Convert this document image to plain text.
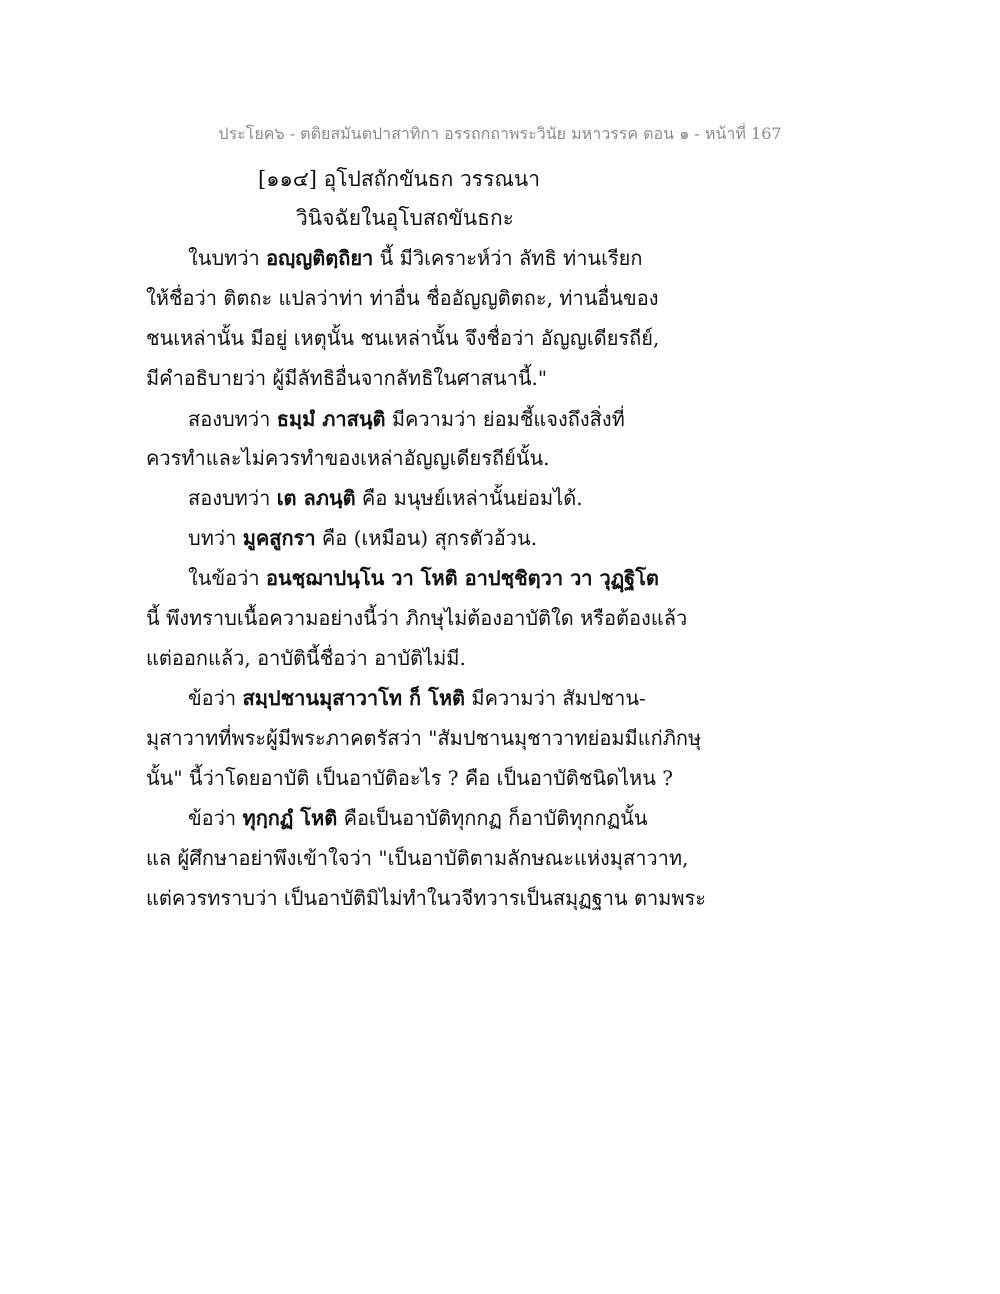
ประโยค๖ - ตติยสมันตปาสาทิกา อรรถกถาพระวินัย มหาวรรค ตอน ๑ - หน้าที่ 167
[๑๑๔] อุโปสถักขันธก วรรณนา
วินิจฉัยในอุโบสถขันธกะ
ในบทว่า อญฺญติตฺถิยา นี้ มีวิเคราะห์ว่า ลัทธิ ท่านเรียก
ให้ชื่อว่า ติตถะ แปลว่าท่า ท่าอื่น ชื่ออัญญติตถะ, ท่านอื่นของ
ชนเหล่านั้น มีอยู่ เหตุนั้น ชนเหล่านั้น จึงชื่อว่า อัญญเดียรถีย์,
มีคำอธิบายว่า ผู้มีลัทธิอื่นจากลัทธิในศาสนานี้."
สองบทว่า ธมฺมํ ภาสนฺติ มีความว่า ย่อมชี้แจงถึงสิ่งที่
ควรทำและไม่ควรทำของเหล่าอัญญเดียรถีย์นั้น.
สองบทว่า เต ลภนฺติ คือ มนุษย์เหล่านั้นย่อมได้.
บทว่า มูคสูกรา คือ (เหมือน) สุกรตัวอ้วน.
ในข้อว่า อนชฺฌาปนฺโน วา โหติ อาปชฺชิตฺวา วา วุฏฺฐิโต
นี้ พึงทราบเนื้อความอย่างนี้ว่า ภิกษุไม่ต้องอาบัติใด หรือต้องแล้ว
แต่ออกแล้ว, อาบัตินี้ชื่อว่า อาบัติไม่มี.
ข้อว่า สมฺปชานมุสาวาโท ก็ โหติ มีความว่า สัมปชาน-
มุสาวาทที่พระผู้มีพระภาคตรัสว่า "สัมปชานมุชาวาทย่อมมีแก่ภิกษุ
นั้น" นี้ว่าโดยอาบัติ เป็นอาบัติอะไร ? คือ เป็นอาบัติชนิดไหน ?
ข้อว่า ทุกฺกฏํ โหติ คือเป็นอาบัติทุกกฏ ก็อาบัติทุกกฏนั้น
แล ผู้ศึกษาอย่าพึงเข้าใจว่า "เป็นอาบัติตามลักษณะแห่งมุสาวาท,
แต่ควรทราบว่า เป็นอาบัติมิไม่ทำในวจีทวารเป็นสมุฏฐาน ตามพระ
